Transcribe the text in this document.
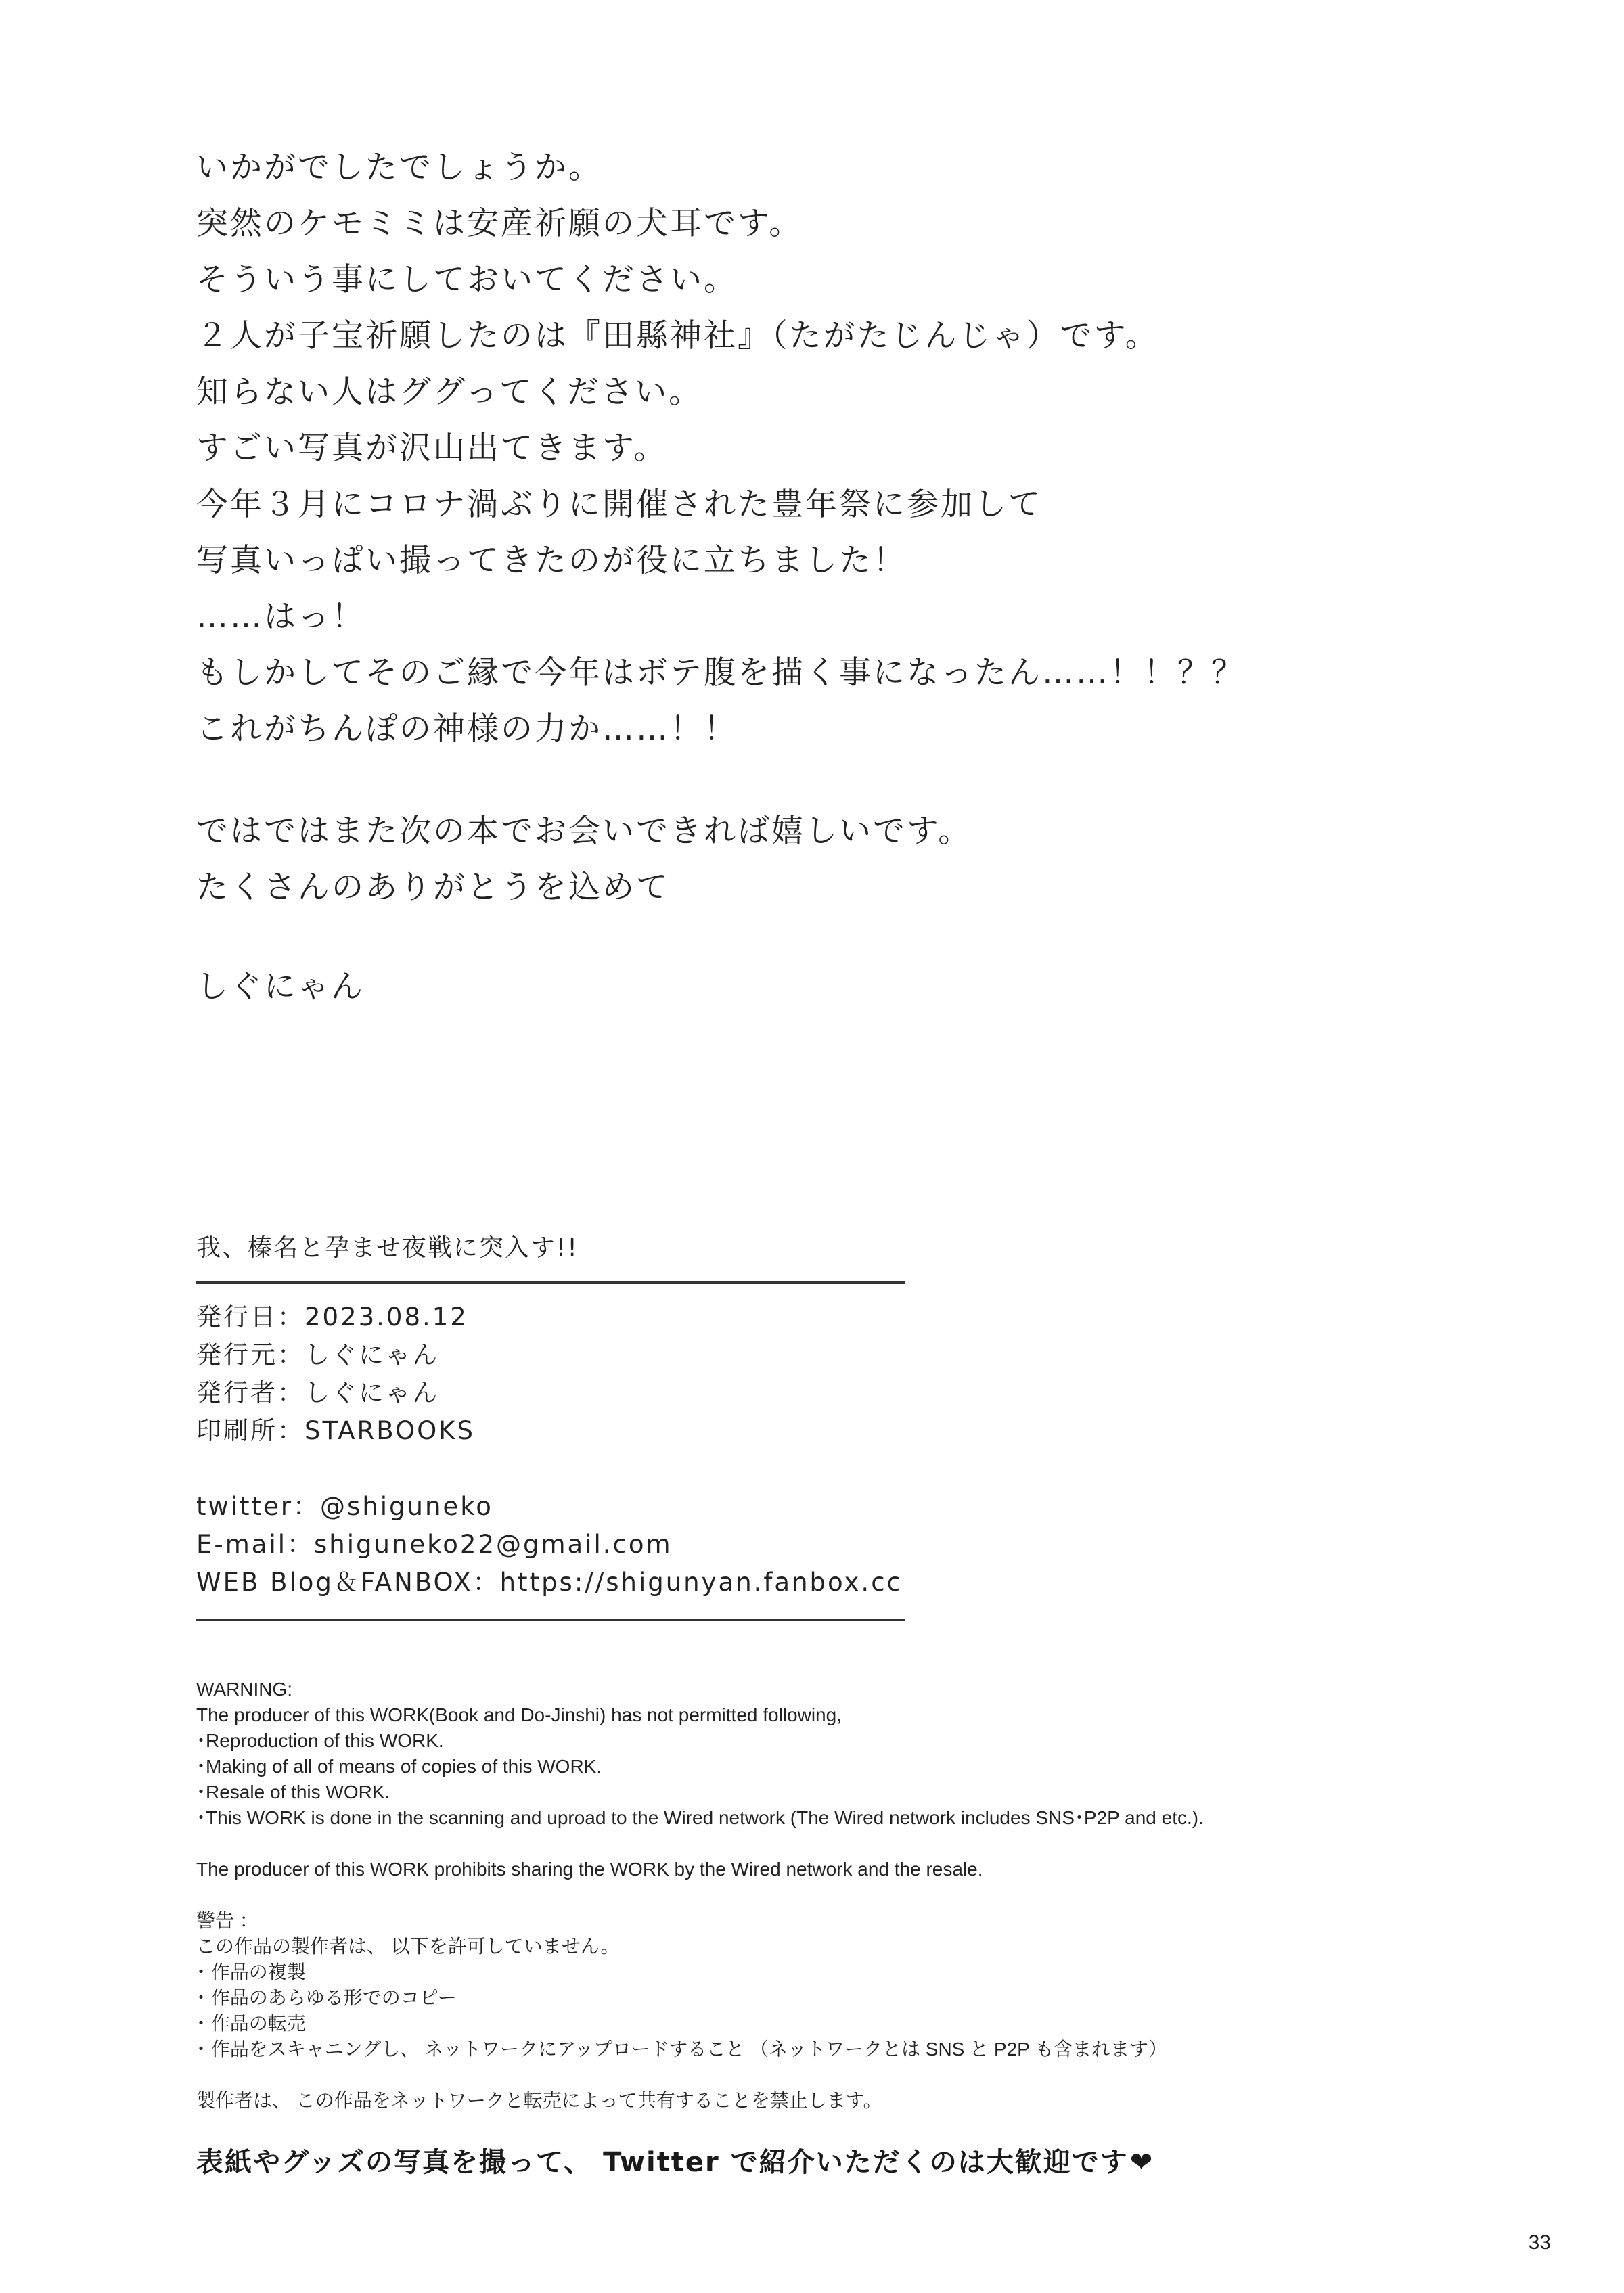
いかがでしたでしょうか。
突然のケモミミは安産祈願の犬耳です。
そういう事にしておいてください。
２人が子宝祈願したのは『田縣神社』（たがたじんじゃ）です。
知らない人はググってください。
すごい写真が沢山出てきます。
今年３月にコロナ渦ぶりに開催された豊年祭に参加して
写真いっぱい撮ってきたのが役に立ちました！
……はっ！
もしかしてそのご縁で今年はボテ腹を描く事になったん……！！？？
これがちんぽの神様の力か……！！
ではではまた次の本でお会いできれば嬉しいです。
たくさんのありがとうを込めて
しぐにゃん
我、榛名と孕ませ夜戦に突入す!!
発行日：2023.08.12
発行元：しぐにゃん
発行者：しぐにゃん
印刷所：STARBOOKS
twitter：@shiguneko
E-mail：shiguneko22@gmail.com
WEB Blog＆FANBOX：https://shigunyan.fanbox.cc
WARNING:
The producer of this WORK(Book and Do-Jinshi) has not permitted following,
･Reproduction of this WORK.
･Making of all of means of copies of this WORK.
･Resale of this WORK.
･This WORK is done in the scanning and uproad to the Wired network (The Wired network includes SNS･P2P and etc.).
The producer of this WORK prohibits sharing the WORK by the Wired network and the resale.
警告 ：
この作品の製作者は、 以下を許可していません。
･ 作品の複製
･ 作品のあらゆる形でのコピー
･ 作品の転売
･ 作品をスキャニングし、 ネットワークにアップロードすること （ネットワークとは SNS と P2P も含まれます）
製作者は、 この作品をネットワークと転売によって共有することを禁止します。
表紙やグッズの写真を撮って、 Twitter で紹介いただくのは大歓迎です❤
33
